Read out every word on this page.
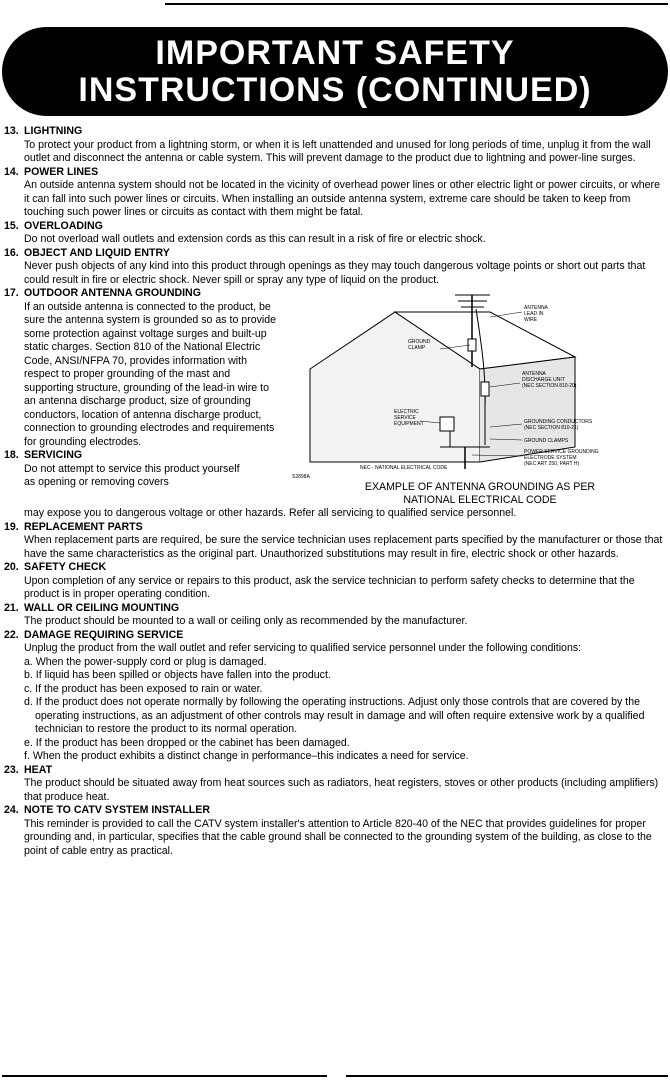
IMPORTANT SAFETY
INSTRUCTIONS (CONTINUED)
13. LIGHTNING
To protect your product from a lightning storm, or when it is left unattended and unused for long periods of time, unplug it from the wall outlet and disconnect the antenna or cable system. This will prevent damage to the product due to lightning and power-line surges.
14. POWER LINES
An outside antenna system should not be located in the vicinity of overhead power lines or other electric light or power circuits, or where it can fall into such power lines or circuits. When installing an outside antenna system, extreme care should be taken to keep from touching such power lines or circuits as contact with them might be fatal.
15. OVERLOADING
Do not overload wall outlets and extension cords as this can result in a risk of fire or electric shock.
16. OBJECT AND LIQUID ENTRY
Never push objects of any kind into this product through openings as they may touch dangerous voltage points or short out parts that could result in fire or electric shock. Never spill or spray any type of liquid on the product.
17. OUTDOOR ANTENNA GROUNDING
If an outside antenna is connected to the product, be sure the antenna system is grounded so as to provide some protection against voltage surges and built-up static charges. Section 810 of the National Electric Code, ANSI/NFPA 70, provides information with respect to proper grounding of the mast and supporting structure, grounding of the lead-in wire to an antenna discharge product, size of grounding conductors, location of antenna discharge product, connection to grounding electrodes and requirements for grounding electrodes.
18. SERVICING
Do not attempt to service this product yourself as opening or removing covers
ANTENNA
LEAD IN
WIRE
GROUND
CLAMP
ANTENNA
DISCHARGE UNIT
(NEC SECTION 810-20)
ELECTRIC
SERVICE
EQUIPMENT	GROUNDING CONDUCTORS
(NEC SECTION 810-21)
GROUND CLAMPS
POWER SERVICE GROUNDING
ELECTRODE SYSTEM
(NEC ART 250, PART H)
NEC - NATIONAL ELECTRICAL CODE
S2898A
EXAMPLE OF ANTENNA GROUNDING AS PER
NATIONAL ELECTRICAL CODE
may expose you to dangerous voltage or other hazards. Refer all servicing to qualified service personnel.
19. REPLACEMENT PARTS
When replacement parts are required, be sure the service technician uses replacement parts specified by the manufacturer or those that have the same characteristics as the original part. Unauthorized substitutions may result in fire, electric shock or other hazards.
20. SAFETY CHECK
Upon completion of any service or repairs to this product, ask the service technician to perform safety checks to determine that the product is in proper operating condition.
21. WALL OR CEILING MOUNTING
The product should be mounted to a wall or ceiling only as recommended by the manufacturer.
22. DAMAGE REQUIRING SERVICE
Unplug the product from the wall outlet and refer servicing to qualified service personnel under the following conditions:
a. When the power-supply cord or plug is damaged.
b. If liquid has been spilled or objects have fallen into the product.
c. If the product has been exposed to rain or water.
d. If the product does not operate normally by following the operating instructions. Adjust only those controls that are covered by the operating instructions, as an adjustment of other controls may result in damage and will often require extensive work by a qualified technician to restore the product to its normal operation.
e. If the product has been dropped or the cabinet has been damaged.
f. When the product exhibits a distinct change in performance–this indicates a need for service.
23. HEAT
The product should be situated away from heat sources such as radiators, heat registers, stoves or other products (including amplifiers) that produce heat.
24. NOTE TO CATV SYSTEM INSTALLER
This reminder is provided to call the CATV system installer's attention to Article 820-40 of the NEC that provides guidelines for proper grounding and, in particular, specifies that the cable ground shall be connected to the grounding system of the building, as close to the point of cable entry as practical.
